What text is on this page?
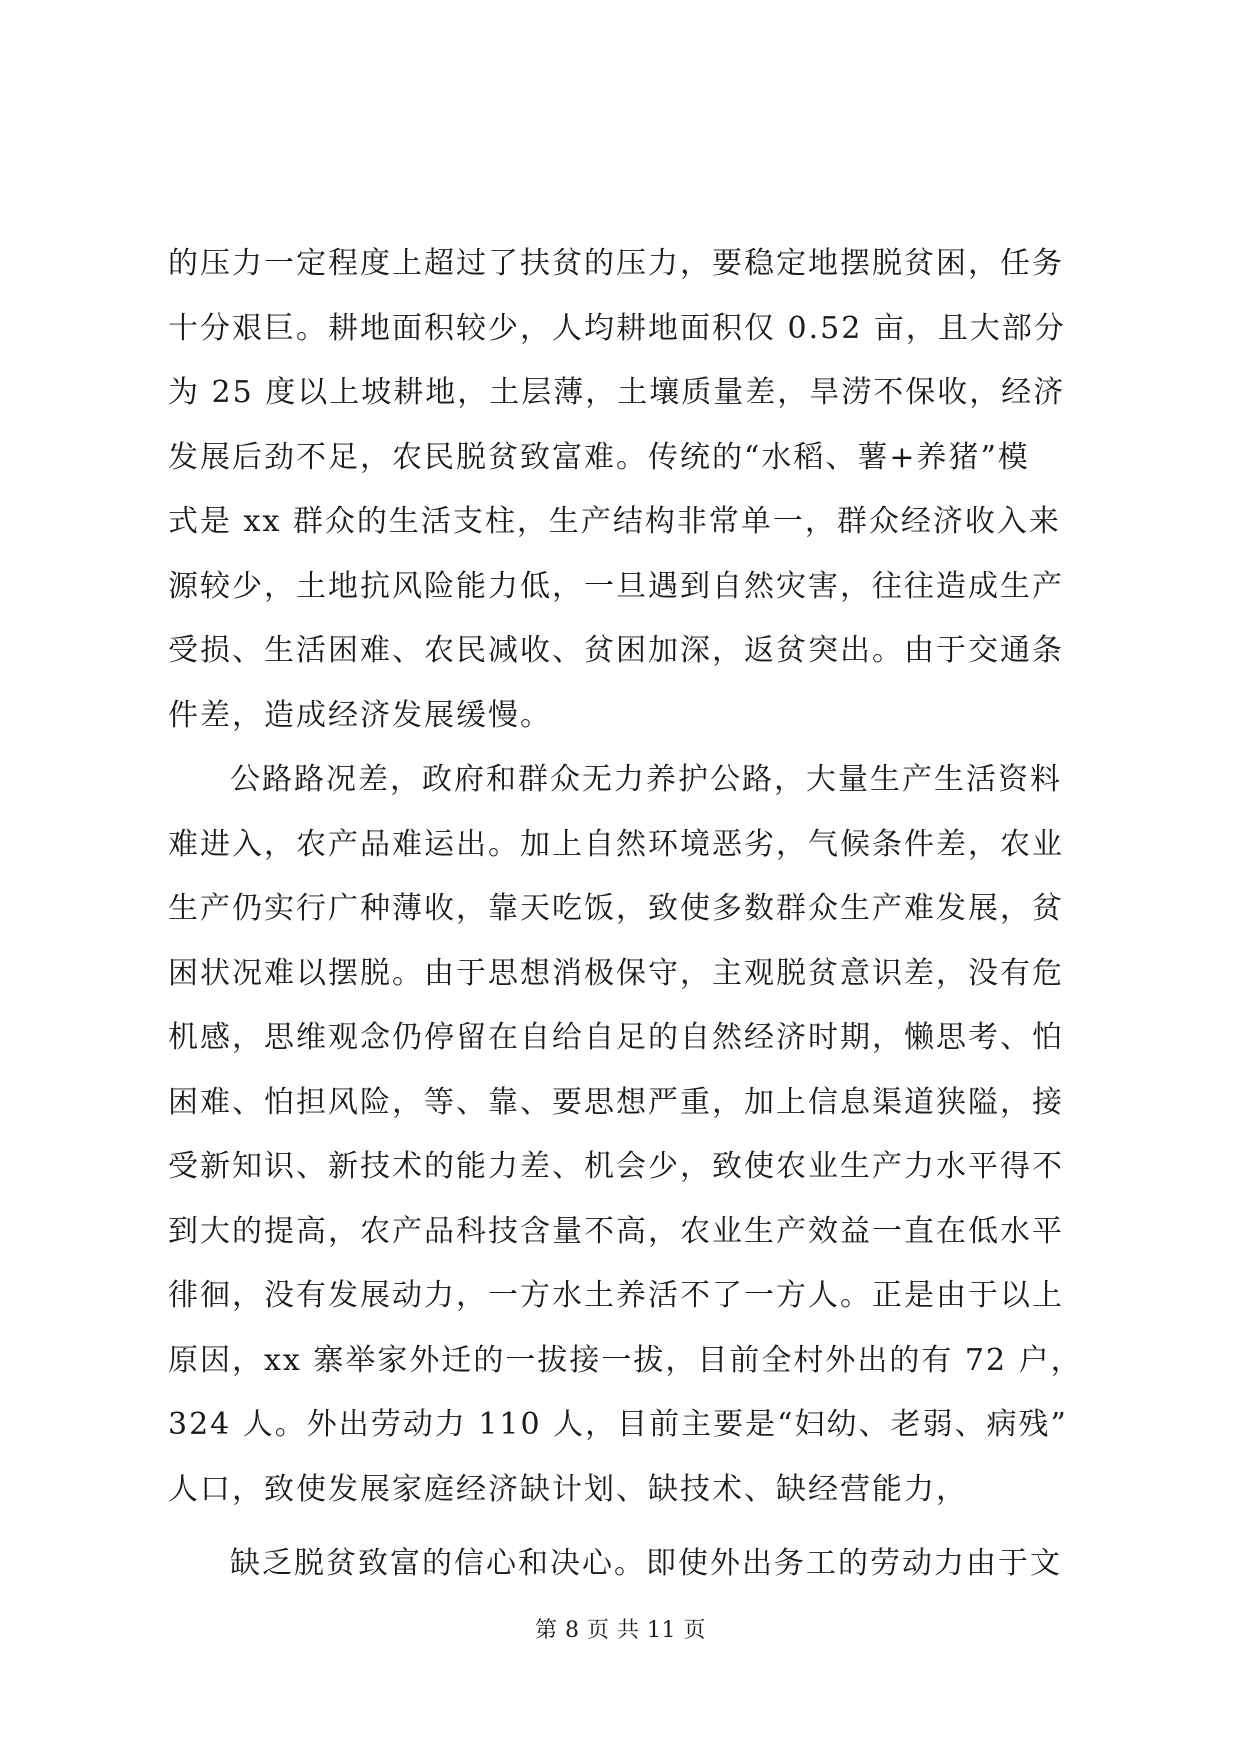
的压力一定程度上超过了扶贫的压力，要稳定地摆脱贫困，任务
十分艰巨。耕地面积较少，人均耕地面积仅 0.52 亩，且大部分
为 25 度以上坡耕地，土层薄，土壤质量差，旱涝不保收，经济
发展后劲不足，农民脱贫致富难。传统的“水稻、薯+养猪”模
式是 xx 群众的生活支柱，生产结构非常单一，群众经济收入来
源较少，土地抗风险能力低，一旦遇到自然灾害，往往造成生产
受损、生活困难、农民减收、贫困加深，返贫突出。由于交通条
件差，造成经济发展缓慢。
公路路况差，政府和群众无力养护公路，大量生产生活资料
难进入，农产品难运出。加上自然环境恶劣，气候条件差，农业
生产仍实行广种薄收，靠天吃饭，致使多数群众生产难发展，贫
困状况难以摆脱。由于思想消极保守，主观脱贫意识差，没有危
机感，思维观念仍停留在自给自足的自然经济时期，懒思考、怕
困难、怕担风险，等、靠、要思想严重，加上信息渠道狭隘，接
受新知识、新技术的能力差、机会少，致使农业生产力水平得不
到大的提高，农产品科技含量不高，农业生产效益一直在低水平
徘徊，没有发展动力，一方水土养活不了一方人。正是由于以上
原因，xx 寨举家外迁的一拔接一拔，目前全村外出的有 72 户，
324 人。外出劳动力 110 人，目前主要是“妇幼、老弱、病残”
人口，致使发展家庭经济缺计划、缺技术、缺经营能力，
缺乏脱贫致富的信心和决心。即使外出务工的劳动力由于文
第 8 页 共 11 页
